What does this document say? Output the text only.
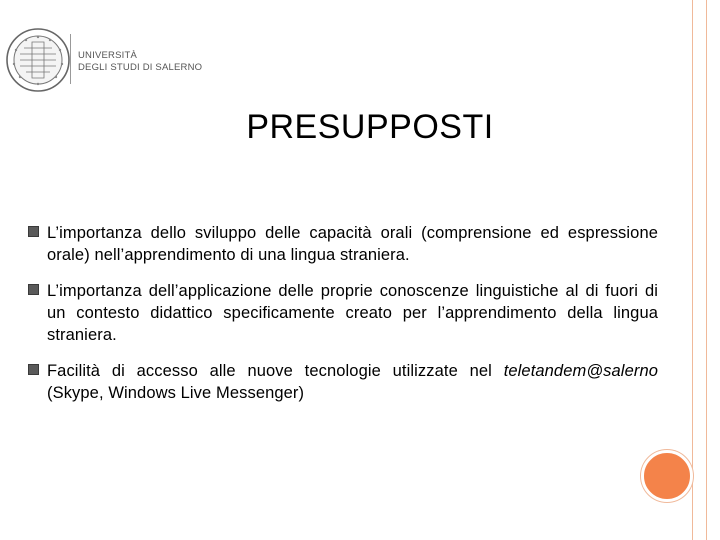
UNIVERSITÀ
DEGLI STUDI DI SALERNO
PRESUPPOSTI
L’importanza dello sviluppo delle capacità orali (comprensione ed espressione orale) nell’apprendimento di una lingua straniera.
L’importanza dell’applicazione delle proprie conoscenze linguistiche al di fuori di un contesto didattico specificamente creato per l’apprendimento della lingua straniera.
Facilità di accesso alle nuove tecnologie utilizzate nel teletandem@salerno (Skype, Windows Live Messenger)
